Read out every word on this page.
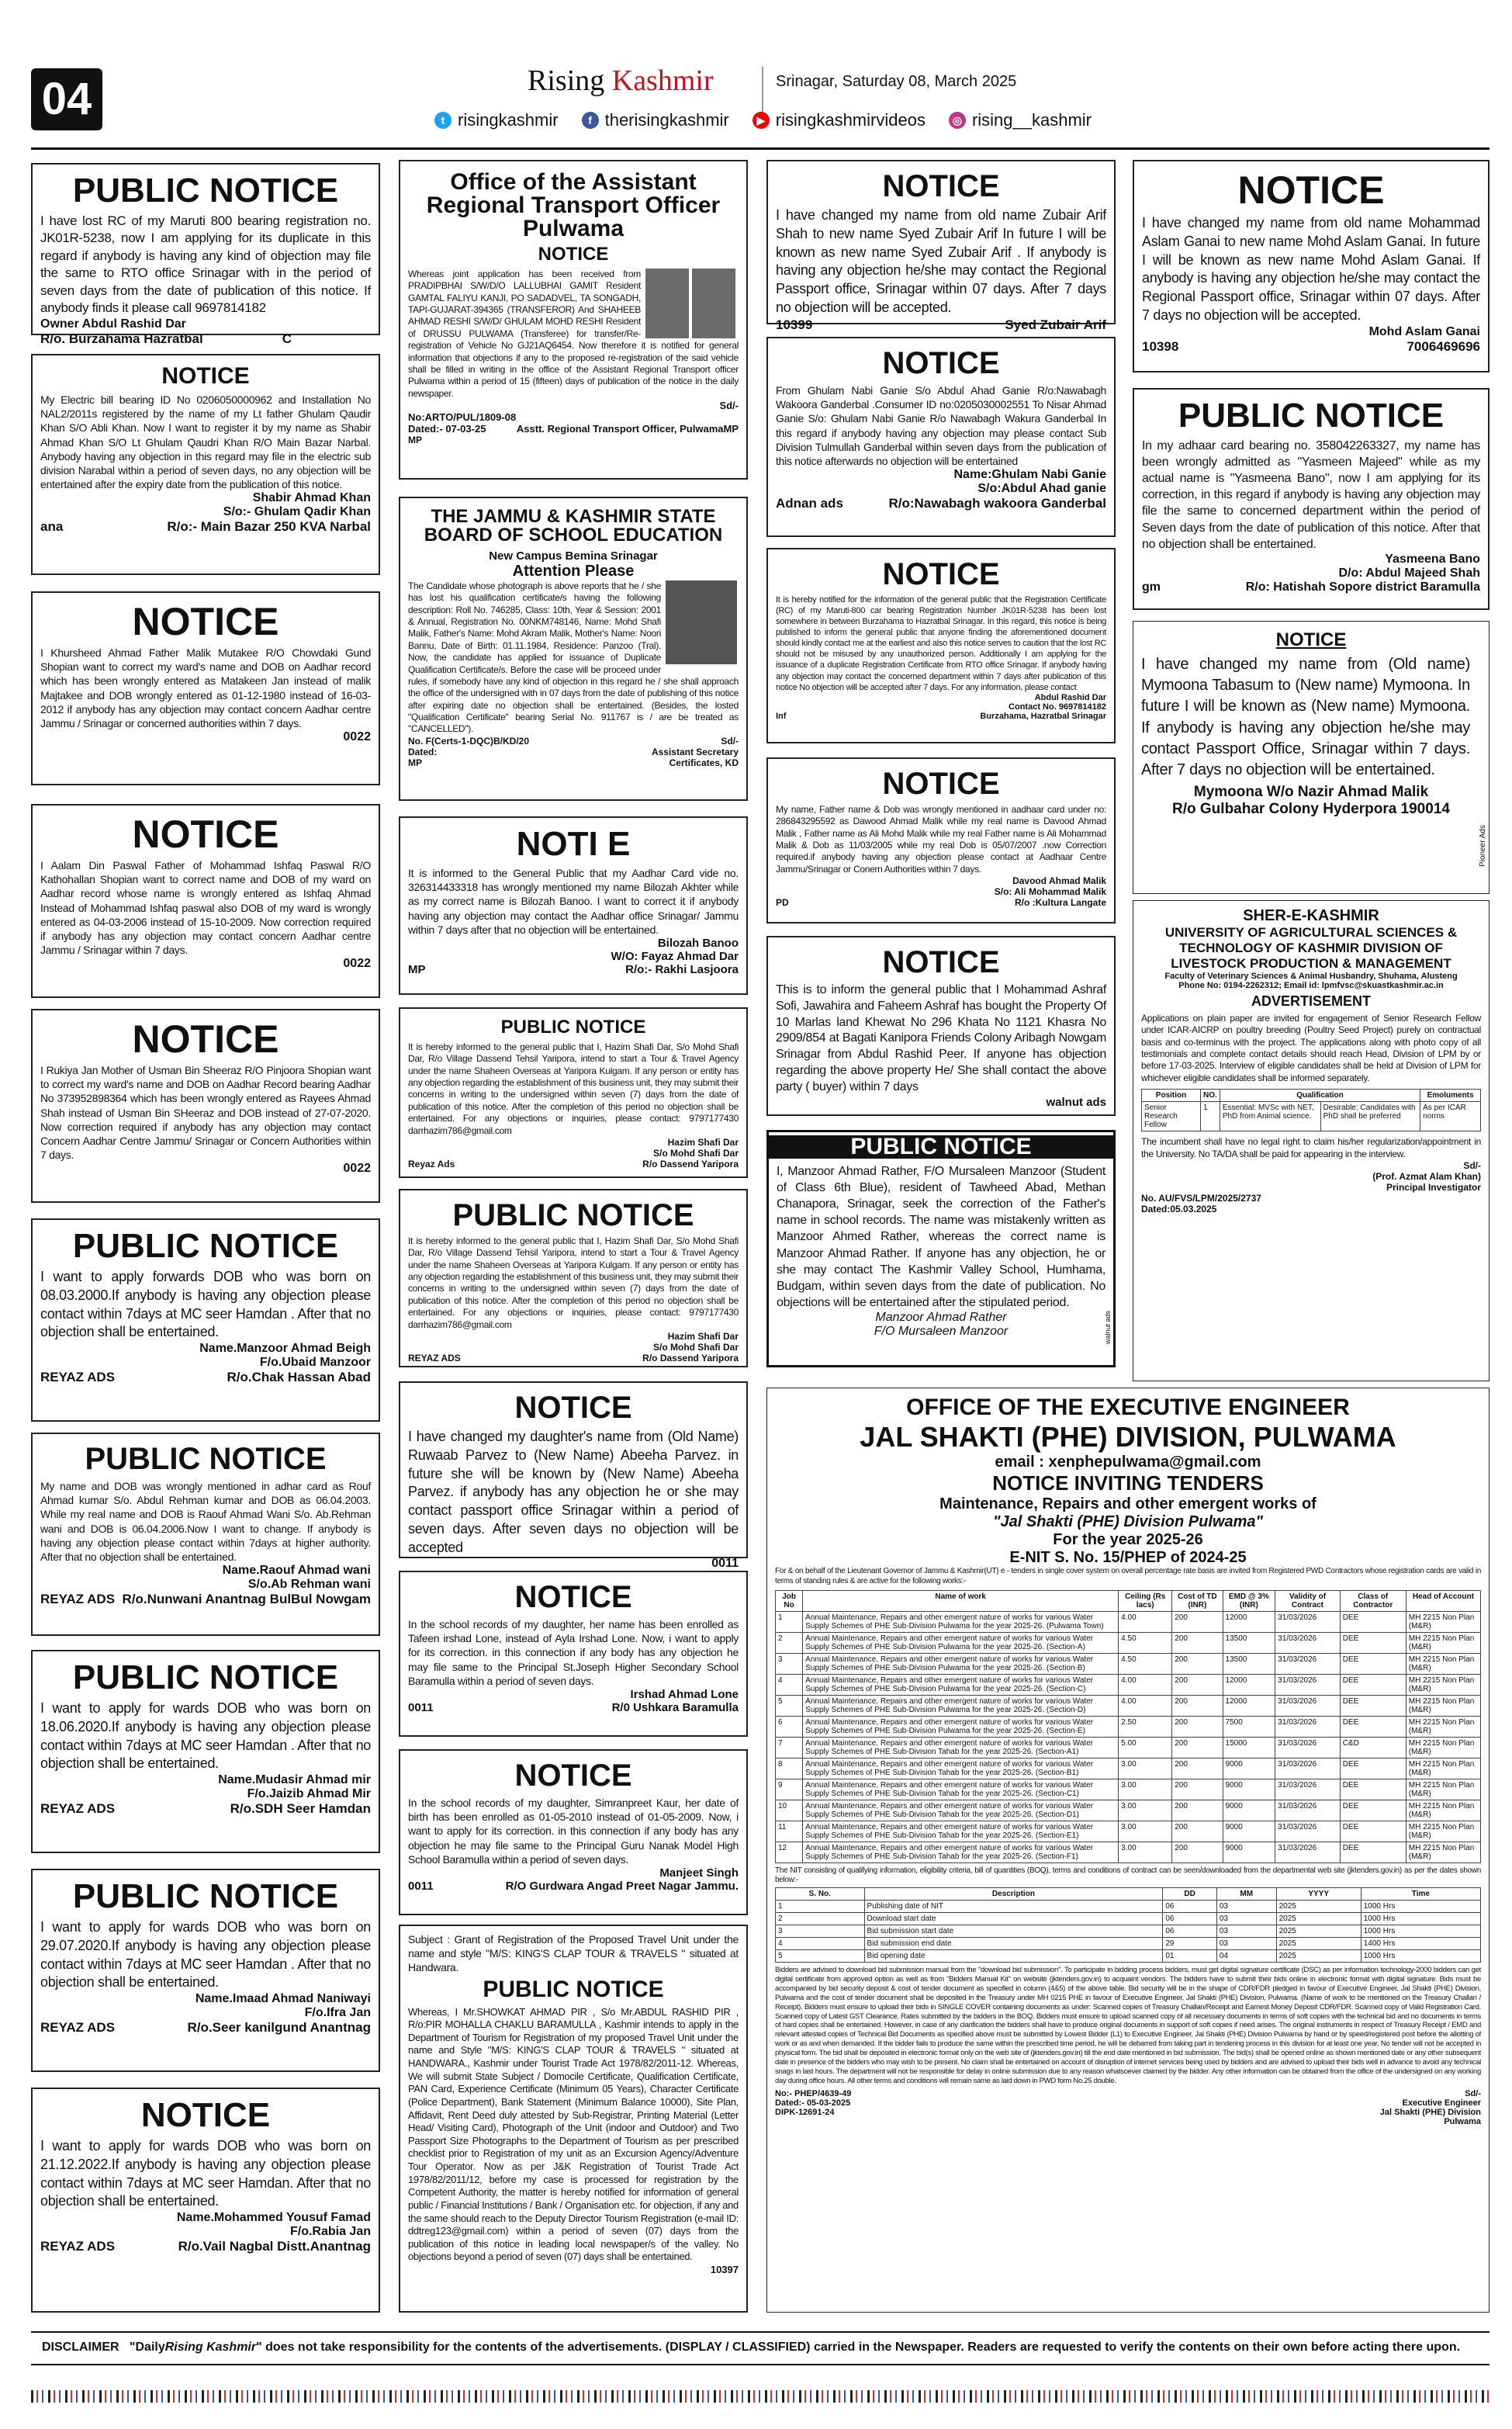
04	Rising Kashmir	Srinagar, Saturday 08, March 2025
t risingkashmir	f therisingkashmir	▶ risingkashmirvideos	◎ rising__kashmir
PUBLIC NOTICE
I have lost RC of my Maruti 800 bearing registration no. JK01R-5238, now I am applying for its duplicate in this regard if anybody is having any kind of objection may file the same to RTO office Srinagar with in the period of seven days from the date of publication of this notice. If anybody finds it please call 9697814182
Owner Abdul Rashid Dar
R/o. Burzahama Hazratbal	C
NOTICE
My Electric bill bearing ID No 0206050000962 and Installation No NAL2/2011s registered by the name of my Lt father Ghulam Qaudir Khan S/O Abli Khan. Now I want to register it by my name as Shabir Ahmad Khan S/O Lt Ghulam Qaudri Khan R/O Main Bazar Narbal. Anybody having any objection in this regard may file in the electric sub division Narabal within a period of seven days, no any objection will be entertained after the expiry date from the publication of this notice.
Shabir Ahmad Khan
S/o:- Ghulam Qadir Khan
ana	R/o:- Main Bazar 250 KVA Narbal
NOTICE
I Khursheed Ahmad Father Malik Mutakee R/O Chowdaki Gund Shopian want to correct my ward's name and DOB on Aadhar record which has been wrongly entered as Matakeen Jan instead of malik Majtakee and DOB wrongly entered as 01-12-1980 instead of 16-03-2012 if anybody has any objection may contact concern Aadhar centre Jammu / Srinagar or concerned authorities within 7 days.
0022
NOTICE
I Aalam Din Paswal Father of Mohammad Ishfaq Paswal R/O Kathohallan Shopian want to correct name and DOB of my ward on Aadhar record whose name is wrongly entered as Ishfaq Ahmad Instead of Mohammad Ishfaq paswal also DOB of my ward is wrongly entered as 04-03-2006 instead of 15-10-2009. Now correction required if anybody has any objection may contact concern Aadhar centre Jammu / Srinagar within 7 days.
0022
NOTICE
I Rukiya Jan Mother of Usman Bin Sheeraz R/O Pinjoora Shopian want to correct my ward's name and DOB on Aadhar Record bearing Aadhar No 373952898364 which has been wrongly entered as Rayees Ahmad Shah instead of Usman Bin SHeeraz and DOB instead of 27-07-2020. Now correction required if anybody has any objection may contact Concern Aadhar Centre Jammu/ Srinagar or Concern Authorities within 7 days.
0022
PUBLIC NOTICE
I want to apply forwards DOB who was born on 08.03.2000.If anybody is having any objection please contact within 7days at MC seer Hamdan . After that no objection shall be entertained.
Name.Manzoor Ahmad Beigh
F/o.Ubaid Manzoor
REYAZ ADS	R/o.Chak Hassan Abad
PUBLIC NOTICE
My name and DOB was wrongly mentioned in adhar card as Rouf Ahmad kumar S/o. Abdul Rehman kumar and DOB as 06.04.2003. While my real name and DOB is Raouf Ahmad Wani S/o. Ab.Rehman wani and DOB is 06.04.2006.Now I want to change. If anybody is having any objection please contact within 7days at higher authority. After that no objection shall be entertained.
Name.Raouf Ahmad wani
S/o.Ab Rehman wani
REYAZ ADS R/o.Nunwani Anantnag BulBul Nowgam
PUBLIC NOTICE
I want to apply for wards DOB who was born on 18.06.2020.If anybody is having any objection please contact within 7days at MC seer Hamdan . After that no objection shall be entertained.
Name.Mudasir Ahmad mir
F/o.Jaizib Ahmad Mir
REYAZ ADS	R/o.SDH Seer Hamdan
PUBLIC NOTICE
I want to apply for wards DOB who was born on 29.07.2020.If anybody is having any objection please contact within 7days at MC seer Hamdan . After that no objection shall be entertained.
Name.Imaad Ahmad Naniwayi
F/o.Ifra Jan
REYAZ ADS	R/o.Seer kanilgund Anantnag
NOTICE
I want to apply for wards DOB who was born on 21.12.2022.If anybody is having any objection please contact within 7days at MC seer Hamdan. After that no objection shall be entertained.
Name.Mohammed Yousuf Famad
F/o.Rabia Jan
REYAZ ADS	R/o.Vail Nagbal Distt.Anantnag
Office of the Assistant Regional Transport Officer Pulwama
NOTICE

Whereas joint application has been received from PRADIPBHAI S/W/D/O LALLUBHAI GAMIT Resident GAMTAL FALIYU KANJI, PO SADADVEL, TA SONGADH, TAPI-GUJARAT-394365 (TRANSFEROR) And SHAHEEB AHMAD RESHI S/W/D/ GHULAM MOHD RESHI Resident of DRUSSU PULWAMA (Transferee) for transfer/Re-registration of Vehicle No GJ21AQ6454. Now therefore it is notified for general information that objections if any to the proposed re-registration of the said vehicle shall be filled in writing in the office of the Assistant Regional Transport officer Pulwama within a period of 15 (fifteen) days of publication of the notice in the daily newspaper.
Sd/-
No:ARTO/PUL/1809-08
Dated:- 07-03-25	Asstt. Regional Transport Officer, PulwamaMP
MP
THE JAMMU & KASHMIR STATE BOARD OF SCHOOL EDUCATION
New Campus Bemina Srinagar
Attention Please
The Candidate whose photograph is above reports that he / she has lost his qualification certificate/s having the following description: Roll No. 746285, Class: 10th, Year & Session: 2001 & Annual, Registration No. 00NKM748146, Name: Mohd Shafi Malik, Father's Name: Mohd Akram Malik, Mother's Name: Noori Bannu, Date of Birth: 01.11.1984, Residence: Panzoo (Tral). Now, the candidate has applied for issuance of Duplicate Qualification Certificate/s. Before the case will be proceed under rules, if somebody have any kind of objection in this regard he / she shall approach the office of the undersigned with in 07 days from the date of publishing of this notice after expiring date no objection shall be entertained. (Besides, the losted "Qualification Certificate" bearing Serial No. 911767 is / are be treated as "CANCELLED").
No. F(Certs-1-DQC)B/KD/20	Sd/-
Dated:	Assistant Secretary
MP	Certificates, KD
NOTI E
It is informed to the General Public that my Aadhar Card vide no. 326314433318 has wrongly mentioned my name Bilozah Akhter while as my correct name is Bilozah Banoo. I want to correct it if anybody having any objection may contact the Aadhar office Srinagar/ Jammu within 7 days after that no objection will be entertained.
Bilozah Banoo
W/O: Fayaz Ahmad Dar
MP	R/o:- Rakhi Lasjoora
PUBLIC NOTICE
It is hereby informed to the general public that I, Hazim Shafi Dar, S/o Mohd Shafi Dar, R/o Village Dassend Tehsil Yaripora, intend to start a Tour & Travel Agency under the name Shaheen Overseas at Yaripora Kulgam. If any person or entity has any objection regarding the establishment of this business unit, they may submit their concerns in writing to the undersigned within seven (7) days from the date of publication of this notice. After the completion of this period no objection shall be entertained. For any objections or inquiries, please contact: 9797177430 darrhazim786@gmail.com
Hazim Shafi Dar
S/o Mohd Shafi Dar
Reyaz Ads	R/o Dassend Yaripora
PUBLIC NOTICE
It is hereby informed to the general public that I, Hazim Shafi Dar, S/o Mohd Shafi Dar, R/o Village Dassend Tehsil Yaripora, intend to start a Tour & Travel Agency under the name Shaheen Overseas at Yaripora Kulgam. If any person or entity has any objection regarding the establishment of this business unit, they may submit their concerns in writing to the undersigned within seven (7) days from the date of publication of this notice. After the completion of this period no objection shall be entertained. For any objections or inquiries, please contact: 9797177430 darrhazim786@gmail.com
Hazim Shafi Dar
S/o Mohd Shafi Dar
REYAZ ADS	R/o Dassend Yaripora
NOTICE
I have changed my daughter's name from (Old Name) Ruwaab Parvez to (New Name) Abeeha Parvez. in future she will be known by (New Name) Abeeha Parvez. if anybody has any objection he or she may contact passport office Srinagar within a period of seven days. After seven days no objection will be accepted
0011
NOTICE
In the school records of my daughter, her name has been enrolled as Tafeen irshad Lone, instead of Ayla Irshad Lone. Now, i want to apply for its correction. in this connection if any body has any objection he may file same to the Principal St.Joseph Higher Secondary School Baramulla within a period of seven days.
Irshad Ahmad Lone
0011	R/0 Ushkara Baramulla
NOTICE
In the school records of my daughter, Simranpreet Kaur, her date of birth has been enrolled as 01-05-2010 instead of 01-05-2009. Now, i want to apply for its correction. in this connection if any body has any objection he may file same to the Principal Guru Nanak Model High School Baramulla within a period of seven days.
Manjeet Singh
0011	R/O Gurdwara Angad Preet Nagar Jammu.
Subject : Grant of Registration of the Proposed Travel Unit under the name and style "M/S: KING'S CLAP TOUR & TRAVELS " situated at Handwara.
PUBLIC NOTICE
Whereas, I Mr.SHOWKAT AHMAD PIR , S/o Mr.ABDUL RASHID PIR , R/o:PIR MOHALLA CHAKLU BARAMULLA , Kashmir intends to apply in the Department of Tourism for Registration of my proposed Travel Unit under the name and Style "M/S: KING'S CLAP TOUR & TRAVELS " situated at HANDWARA., Kashmir under Tourist Trade Act 1978/82/2011-12. Whereas, We will submit State Subject / Domocile Certificate, Qualification Certificate, PAN Card, Experience Certificate (Minimum 05 Years), Character Certificate (Police Department), Bank Statement (Minimum Balance 10000), Site Plan, Affidavit, Rent Deed duly attested by Sub-Registrar, Printing Material (Letter Head/ Visiting Card), Photograph of the Unit (indoor and Outdoor) and Two Passport Size Photographs to the Department of Tourism as per prescribed checklist prior to Registration of my unit as an Excursion Agency/Adventure Tour Operator. Now as per J&K Registration of Tourist Trade Act 1978/82/2011/12, before my case is processed for registration by the Competent Authority, the matter is hereby notified for information of general public / Financial Institutions / Bank / Organisation etc. for objection, if any and the same should reach to the Deputy Director Tourism Registration (e-mail ID: ddtreg123@gmail.com) within a period of seven (07) days from the publication of this notice in leading local newspaper/s of the valley. No objections beyond a period of seven (07) days shall be entertained.
10397
NOTICE
I have changed my name from old name Zubair Arif Shah to new name Syed Zubair Arif In future I will be known as new name Syed Zubair Arif . If anybody is having any objection he/she may contact the Regional Passport office, Srinagar within 07 days. After 7 days no objection will be accepted.
10399	Syed Zubair Arif
NOTICE
From Ghulam Nabi Ganie S/o Abdul Ahad Ganie R/o:Nawabagh Wakoora Ganderbal .Consumer ID no:0205030002551 To Nisar Ahmad Ganie S/o: Ghulam Nabi Ganie R/o Nawabagh Wakura Ganderbal In this regard if anybody having any objection may please contact Sub Division Tulmullah Ganderbal within seven days from the publication of this notice afterwards no objection will be entertained
Name:Ghulam Nabi Ganie
S/o:Abdul Ahad ganie
Adnan ads	R/o:Nawabagh wakoora Ganderbal
NOTICE
It is hereby notified for the information of the general public that the Registration Certificate (RC) of my Maruti-800 car bearing Registration Number JK01R-5238 has been lost somewhere in between Burzahama to Hazratbal Srinagar. In this regard, this notice is being published to inform the general public that anyone finding the aforementioned document should kindly contact me at the earliest and also this notice serves to caution that the lost RC should not be misused by any unauthorized person. Additionally I am applying for the issuance of a duplicate Registration Certificate from RTO office Srinagar. If anybody having any objection may contact the concerned department within 7 days after publication of this notice No objection will be accepted after 7 days. For any information, please contact
Abdul Rashid Dar
Contact No. 9697814182
Inf	Burzahama, Hazratbal Srinagar
NOTICE
My name, Father name & Dob was wrongly mentioned in aadhaar card under no: 286843295592 as Dawood Ahmad Malik while my real name is Davood Ahmad Malik , Father name as Ali Mohd Malik while my real Father name is Ali Mohammad Malik & Dob as 11/03/2005 while my real Dob is 05/07/2007 .now Correction required.if anybody having any objection please contact at Aadhaar Centre Jammu/Srinagar or Conern Authorities within 7 days.
Davood Ahmad Malik
S/o: Ali Mohammad Malik
PD	R/o :Kultura Langate
NOTICE
This is to inform the general public that I Mohammad Ashraf Sofi, Jawahira and Faheem Ashraf has bought the Property Of 10 Marlas land Khewat No 296 Khata No 1121 Khasra No 2909/854 at Bagati Kanipora Friends Colony Aribagh Nowgam Srinagar from Abdul Rashid Peer. If anyone has objection regarding the above property He/ She shall contact the above party ( buyer) within 7 days
walnut ads
PUBLIC NOTICE
I, Manzoor Ahmad Rather, F/O Mursaleen Manzoor (Student of Class 6th Blue), resident of Tawheed Abad, Methan Chanapora, Srinagar, seek the correction of the Father's name in school records. The name was mistakenly written as Manzoor Ahmed Rather, whereas the correct name is Manzoor Ahmad Rather. If anyone has any objection, he or she may contact The Kashmir Valley School, Humhama, Budgam, within seven days from the date of publication. No objections will be entertained after the stipulated period.
Manzoor Ahmad Rather
F/O Mursaleen Manzoor	walnut ads
NOTICE
I have changed my name from old name Mohammad Aslam Ganai to new name Mohd Aslam Ganai. In future I will be known as new name Mohd Aslam Ganai. If anybody is having any objection he/she may contact the Regional Passport office, Srinagar within 07 days. After 7 days no objection will be accepted.
Mohd Aslam Ganai
10398	7006469696
PUBLIC NOTICE
In my adhaar card bearing no. 358042263327, my name has been wrongly admitted as "Yasmeen Majeed" while as my actual name is "Yasmeena Bano", now I am applying for its correction, in this regard if anybody is having any objection may file the same to concerned department within the period of Seven days from the date of publication of this notice. After that no objection shall be entertained.
Yasmeena Bano
D/o: Abdul Majeed Shah
gm	R/o: Hatishah Sopore district Baramulla
NOTICE
I have changed my name from (Old name) Mymoona Tabasum to (New name) Mymoona. In future I will be known as (New name) Mymoona. If anybody is having any objection he/she may contact Passport Office, Srinagar within 7 days. After 7 days no objection will be entertained.
Mymoona W/o Nazir Ahmad Malik
R/o Gulbahar Colony Hyderpora 190014
Pioneer Ads
SHER-E-KASHMIR
UNIVERSITY OF AGRICULTURAL SCIENCES & TECHNOLOGY OF KASHMIR DIVISION OF LIVESTOCK PRODUCTION & MANAGEMENT
Faculty of Veterinary Sciences & Animal Husbandry, Shuhama, Alusteng
Phone No: 0194-2262312; Email id: lpmfvsc@skuastkashmir.ac.in
ADVERTISEMENT
Applications on plain paper are invited for engagement of Senior Research Fellow under ICAR-AICRP on poultry breeding (Poultry Seed Project) purely on contractual basis and co-terminus with the project. The applications along with photo copy of all testimonials and complete contact details should reach Head, Division of LPM by or before 17-03-2025. Interview of eligible candidates shall be held at Division of LPM for whichever eligible candidates shall be informed separately.
Position	NO.	Qualification		Emoluments
Senior Research Fellow	1	Essential: MVSc with NET, PhD from Animal science.	Desirable: Candidates with PhD shall be preferred	As per ICAR norms
The incumbent shall have no legal right to claim his/her regularization/appointment in the University. No TA/DA shall be paid for appearing in the interview.
Sd/-
(Prof. Azmat Alam Khan)
Principal Investigator
No. AU/FVS/LPM/2025/2737
Dated:05.03.2025
OFFICE OF THE EXECUTIVE ENGINEER
JAL SHAKTI (PHE) DIVISION, PULWAMA
email : xenphepulwama@gmail.com
NOTICE INVITING TENDERS
Maintenance, Repairs and other emergent works of
"Jal Shakti (PHE) Division Pulwama"
For the year 2025-26
E-NIT S. No. 15/PHEP of 2024-25
For & on behalf of the Lieutenant Governor of Jammu & Kashmir(UT) e - tenders in single cover system on overall percentage rate basis are invited from Registered PWD Contractors whose registration cards are valid in terms of standing rules & are active for the following works:-
Job No	Name of work	Ceiling (Rs lacs)	Cost of TD (INR)	EMD @ 3% (INR)	Validity of Contract	Class of Contractor	Head of Account
1	Annual Maintenance, Repairs and other emergent nature of works for various Water Supply Schemes of PHE Sub-Division Pulwama for the year 2025-26. (Pulwama Town)	4.00	200	12000	31/03/2026	DEE	MH 2215 Non Plan (M&R)
2	Annual Maintenance, Repairs and other emergent nature of works for various Water Supply Schemes of PHE Sub-Division Pulwama for the year 2025-26. (Section-A)	4.50	200	13500	31/03/2026	DEE	MH 2215 Non Plan (M&R)
3	Annual Maintenance, Repairs and other emergent nature of works for various Water Supply Schemes of PHE Sub-Division Pulwama for the year 2025-26. (Section-B)	4.50	200	13500	31/03/2026	DEE	MH 2215 Non Plan (M&R)
4	Annual Maintenance, Repairs and other emergent nature of works for various Water Supply Schemes of PHE Sub-Division Pulwama for the year 2025-26. (Section-C)	4.00	200	12000	31/03/2026	DEE	MH 2215 Non Plan (M&R)
5	Annual Maintenance, Repairs and other emergent nature of works for various Water Supply Schemes of PHE Sub-Division Pulwama for the year 2025-26. (Section-D)	4.00	200	12000	31/03/2026	DEE	MH 2215 Non Plan (M&R)
6	Annual Maintenance, Repairs and other emergent nature of works for various Water Supply Schemes of PHE Sub-Division Pulwama for the year 2025-26. (Section-E)	2.50	200	7500	31/03/2026	DEE	MH 2215 Non Plan (M&R)
7	Annual Maintenance, Repairs and other emergent nature of works for various Water Supply Schemes of PHE Sub-Division Tahab for the year 2025-26. (Section-A1)	5.00	200	15000	31/03/2026	C&D	MH 2215 Non Plan (M&R)
8	Annual Maintenance, Repairs and other emergent nature of works for various Water Supply Schemes of PHE Sub-Division Tahab for the year 2025-26. (Section-B1)	3.00	200	9000	31/03/2026	DEE	MH 2215 Non Plan (M&R)
9	Annual Maintenance, Repairs and other emergent nature of works for various Water Supply Schemes of PHE Sub-Division Tahab for the year 2025-26. (Section-C1)	3.00	200	9000	31/03/2026	DEE	MH 2215 Non Plan (M&R)
10	Annual Maintenance, Repairs and other emergent nature of works for various Water Supply Schemes of PHE Sub-Division Tahab for the year 2025-26. (Section-D1)	3.00	200	9000	31/03/2026	DEE	MH 2215 Non Plan (M&R)
11	Annual Maintenance, Repairs and other emergent nature of works for various Water Supply Schemes of PHE Sub-Division Tahab for the year 2025-26. (Section-E1)	3.00	200	9000	31/03/2026	DEE	MH 2215 Non Plan (M&R)
12	Annual Maintenance, Repairs and other emergent nature of works for various Water Supply Schemes of PHE Sub-Division Tahab for the year 2025-26. (Section-F1)	3.00	200	9000	31/03/2026	DEE	MH 2215 Non Plan (M&R)
The NIT consisting of qualifying information, eligibility criteria, bill of quantities (BOQ), terms and conditions of contract can be seen/downloaded from the departmental web site (jktenders.gov.in) as per the dates shown below:-
S. No.	Description	DD	MM	YYYY	Time
1	Publishing date of NIT	06	03	2025	1000 Hrs
2	Download start date	06	03	2025	1000 Hrs
3	Bid submission start date	06	03	2025	1000 Hrs
4	Bid submission end date	29	03	2025	1400 Hrs
5	Bid opening date	01	04	2025	1000 Hrs
Bidders are advised to download bid submission manual from the "download bid submission". To participate in bidding process bidders, must get digital signature certificate (DSC) as per information technology-2000 bidders can get digital certificate from approved option as well as from "Bidders Manual Kit" on website (jktenders.gov.in) to acquaint vendors. The bidders have to submit their bids online in electronic format with digital signature. Bids must be accompanied by bid security deposit & cost of tender document as specified in column (4&5) of the above table. Bid security will be in the shape of CDR/FDR pledged in favour of Executive Engineer, Jal Shakti (PHE) Division, Pulwama and the cost of tender document shall be deposited in the Treasury under MH 0215 PHE in favour of Executive Engineer, Jal Shakti (PHE) Division, Pulwama. (Name of work to be mentioned on the Treasury Challan / Receipt). Bidders must ensure to upload their bids in SINGLE COVER containing documents as under: Scanned copies of Treasury Challan/Receipt and Earnest Money Deposit CDR/FDR. Scanned copy of Valid Registration Card. Scanned copy of Latest GST Clearance. Rates submitted by the bidders in the BOQ. Bidders must ensure to upload scanned copy of all necessary documents in terms of soft copies with the technical bid and no documents in terms of hard copies shall be entertained. However, in case of any clarification the bidders shall have to produce original documents in support of soft copies if need arises. The original instruments in respect of Treasury Receipt / EMD and relevant attested copies of Technical Bid Documents as specified above must be submitted by Lowest Bidder (L1) to Executive Engineer, Jal Shakti (PHE) Division Pulwama by hand or by speed/registered post before the allotting of work or as and when demanded. If the bidder fails to produce the same within the prescribed time period, he will be debarred from taking part in tendering process in this division for at least one year. No tender will not be accepted in physical form. The bid shall be deposited in electronic format only on the web site of (jktenders.gov.in) till the end date mentioned in bid submission. The bid(s) shall be opened online as shown mentioned date or any other subsequent date in presence of the bidders who may wish to be present. No claim shall be entertained on account of disruption of internet services being used by bidders and are advised to upload their bids well in advance to avoid any technical snags in last hours. The department will not be responsible for delay in online submission due to any reason whatsoever claimed by the bidder. Any other information can be obtained from the office of the undersigned on any working day during office hours. All other terms and conditions will remain same as laid down in PWD form No.25 double.
No:- PHEP/4639-49	Sd/-
Dated:- 05-03-2025	Executive Engineer
DIPK-12691-24	Jal Shakti (PHE) Division
Pulwama
DISCLAIMER "DailyRising Kashmir" does not take responsibility for the contents of the advertisements. (DISPLAY / CLASSIFIED) carried in the Newspaper. Readers are requested to verify the contents on their own before acting there upon.
